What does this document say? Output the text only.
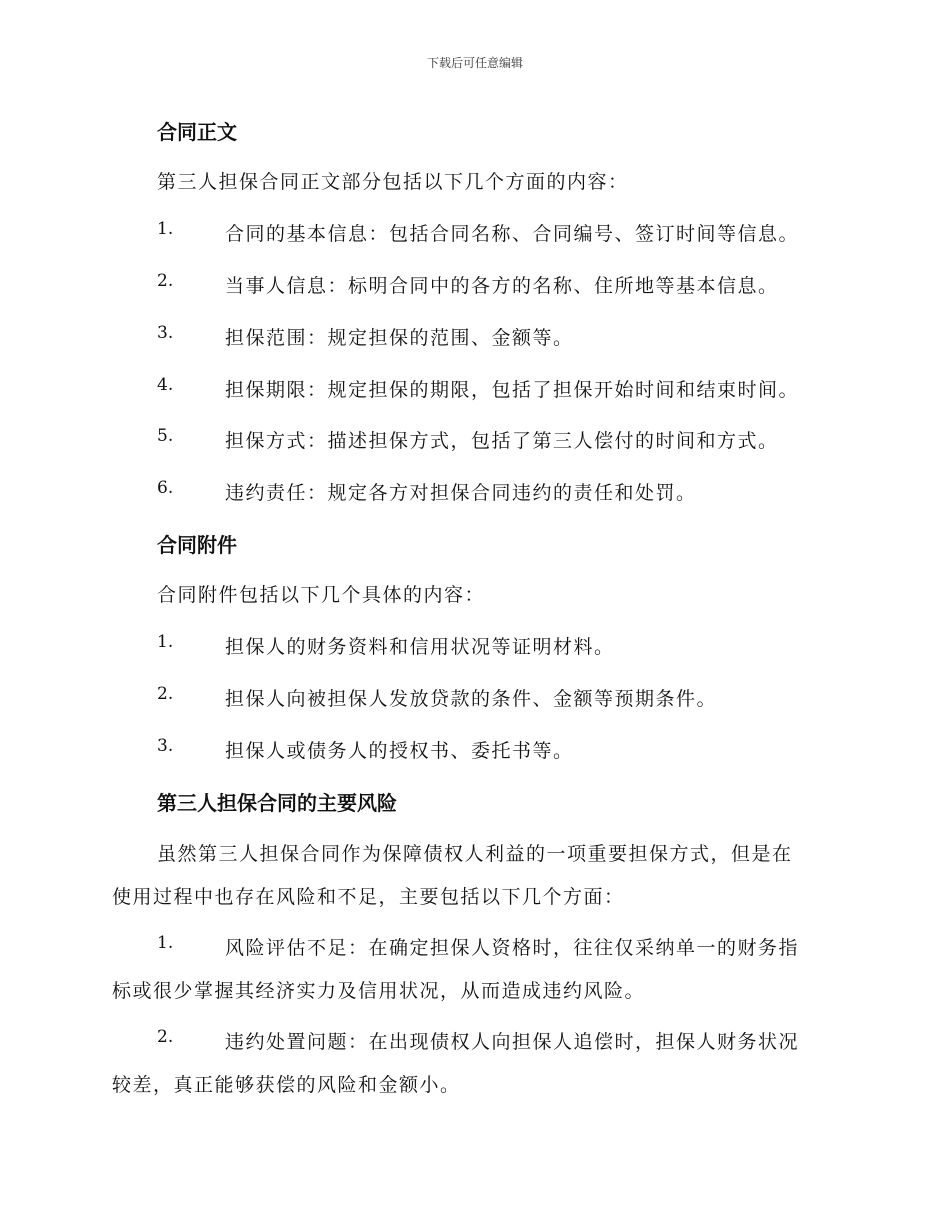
下载后可任意编辑
合同正文
第三人担保合同正文部分包括以下几个方面的内容：
1.	合同的基本信息：包括合同名称、合同编号、签订时间等信息。
2.	当事人信息：标明合同中的各方的名称、住所地等基本信息。
3.	担保范围：规定担保的范围、金额等。
4.	担保期限：规定担保的期限，包括了担保开始时间和结束时间。
5.	担保方式：描述担保方式，包括了第三人偿付的时间和方式。
6.	违约责任：规定各方对担保合同违约的责任和处罚。
合同附件
合同附件包括以下几个具体的内容：
1.	担保人的财务资料和信用状况等证明材料。
2.	担保人向被担保人发放贷款的条件、金额等预期条件。
3.	担保人或债务人的授权书、委托书等。
第三人担保合同的主要风险
虽然第三人担保合同作为保障债权人利益的一项重要担保方式，但是在
使用过程中也存在风险和不足，主要包括以下几个方面：
1.	风险评估不足：在确定担保人资格时，往往仅采纳单一的财务指
标或很少掌握其经济实力及信用状况，从而造成违约风险。
2.	违约处置问题：在出现债权人向担保人追偿时，担保人财务状况
较差，真正能够获偿的风险和金额小。
